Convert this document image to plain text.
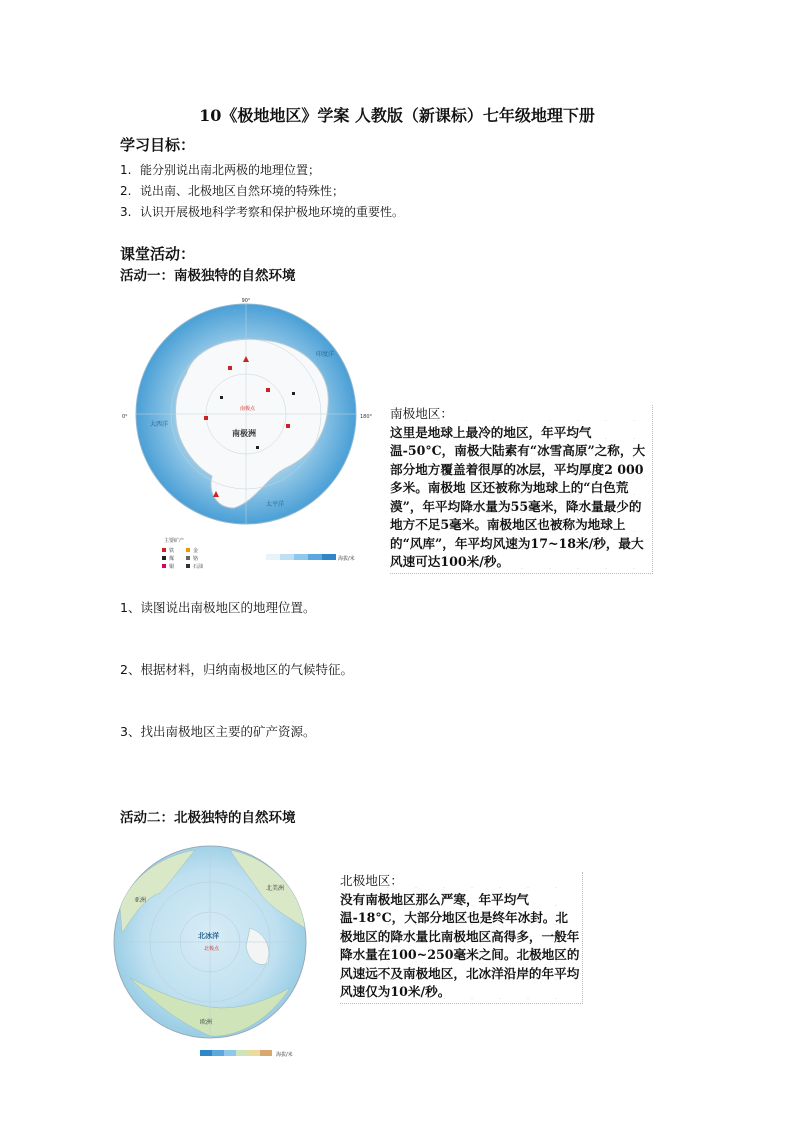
10《极地地区》学案 人教版（新课标）七年级地理下册
学习目标：
1. 能分别说出南北两极的地理位置；
2. 说出南、北极地区自然环境的特殊性；
3. 认识开展极地科学考察和保护极地环境的重要性。
课堂活动：
活动一：南极独特的自然环境
90°
0°	180°
大西洋
印度洋
太平洋
南极洲
南极点
主要矿产
铁
煤
铜
金
铬
石油
海拔/米
南极地区：
这里是地球上最冷的地区，年平均气温-50°C，南极大陆素有“冰雪高原”之称，大部分地方覆盖着很厚的冰层，平均厚度2 000多米。南极地 区还被称为地球上的“白色荒漠”，年平均降水量为55毫米，降水量最少的地方不足5毫米。南极地区也被称为地球上的“风库”，年平均风速为17~18米/秒，最大风速可达100米/秒。
1、读图说出南极地区的地理位置。
2、根据材料，归纳南极地区的气候特征。
3、找出南极地区主要的矿产资源。
活动二：北极独特的自然环境
北冰洋
北极点
亚洲
北美洲
欧洲
海拔/米
北极地区：
没有南极地区那么严寒，年平均气温-18°C，大部分地区也是终年冰封。北极地区的降水量比南极地区高得多，一般年降水量在100~250毫米之间。北极地区的风速远不及南极地区，北冰洋沿岸的年平均风速仅为10米/秒。
